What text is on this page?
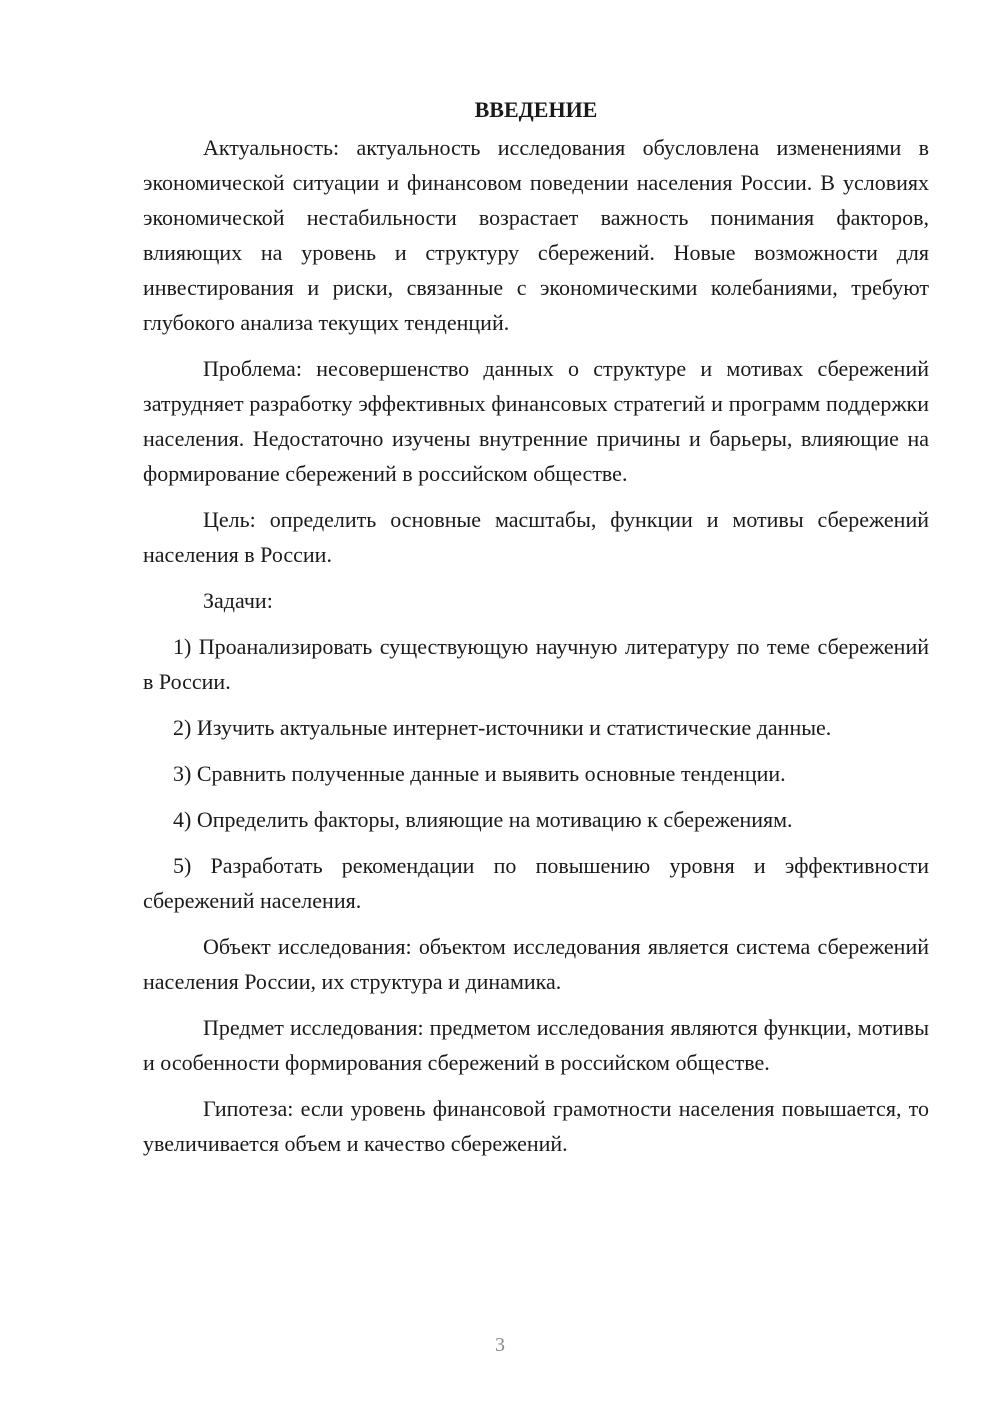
ВВЕДЕНИЕ

Актуальность: актуальность исследования обусловлена изменениями в экономической ситуации и финансовом поведении населения России. В условиях экономической нестабильности возрастает важность понимания факторов, влияющих на уровень и структуру сбережений. Новые возможности для инвестирования и риски, связанные с экономическими колебаниями, требуют глубокого анализа текущих тенденций.

Проблема: несовершенство данных о структуре и мотивах сбережений затрудняет разработку эффективных финансовых стратегий и программ поддержки населения. Недостаточно изучены внутренние причины и барьеры, влияющие на формирование сбережений в российском обществе.

Цель: определить основные масштабы, функции и мотивы сбережений населения в России.

Задачи:

1) Проанализировать существующую научную литературу по теме сбережений в России.

2) Изучить актуальные интернет-источники и статистические данные.

3) Сравнить полученные данные и выявить основные тенденции.

4) Определить факторы, влияющие на мотивацию к сбережениям.

5) Разработать рекомендации по повышению уровня и эффективности сбережений населения.

Объект исследования: объектом исследования является система сбережений населения России, их структура и динамика.

Предмет исследования: предметом исследования являются функции, мотивы и особенности формирования сбережений в российском обществе.

Гипотеза: если уровень финансовой грамотности населения повышается, то увеличивается объем и качество сбережений.

3
